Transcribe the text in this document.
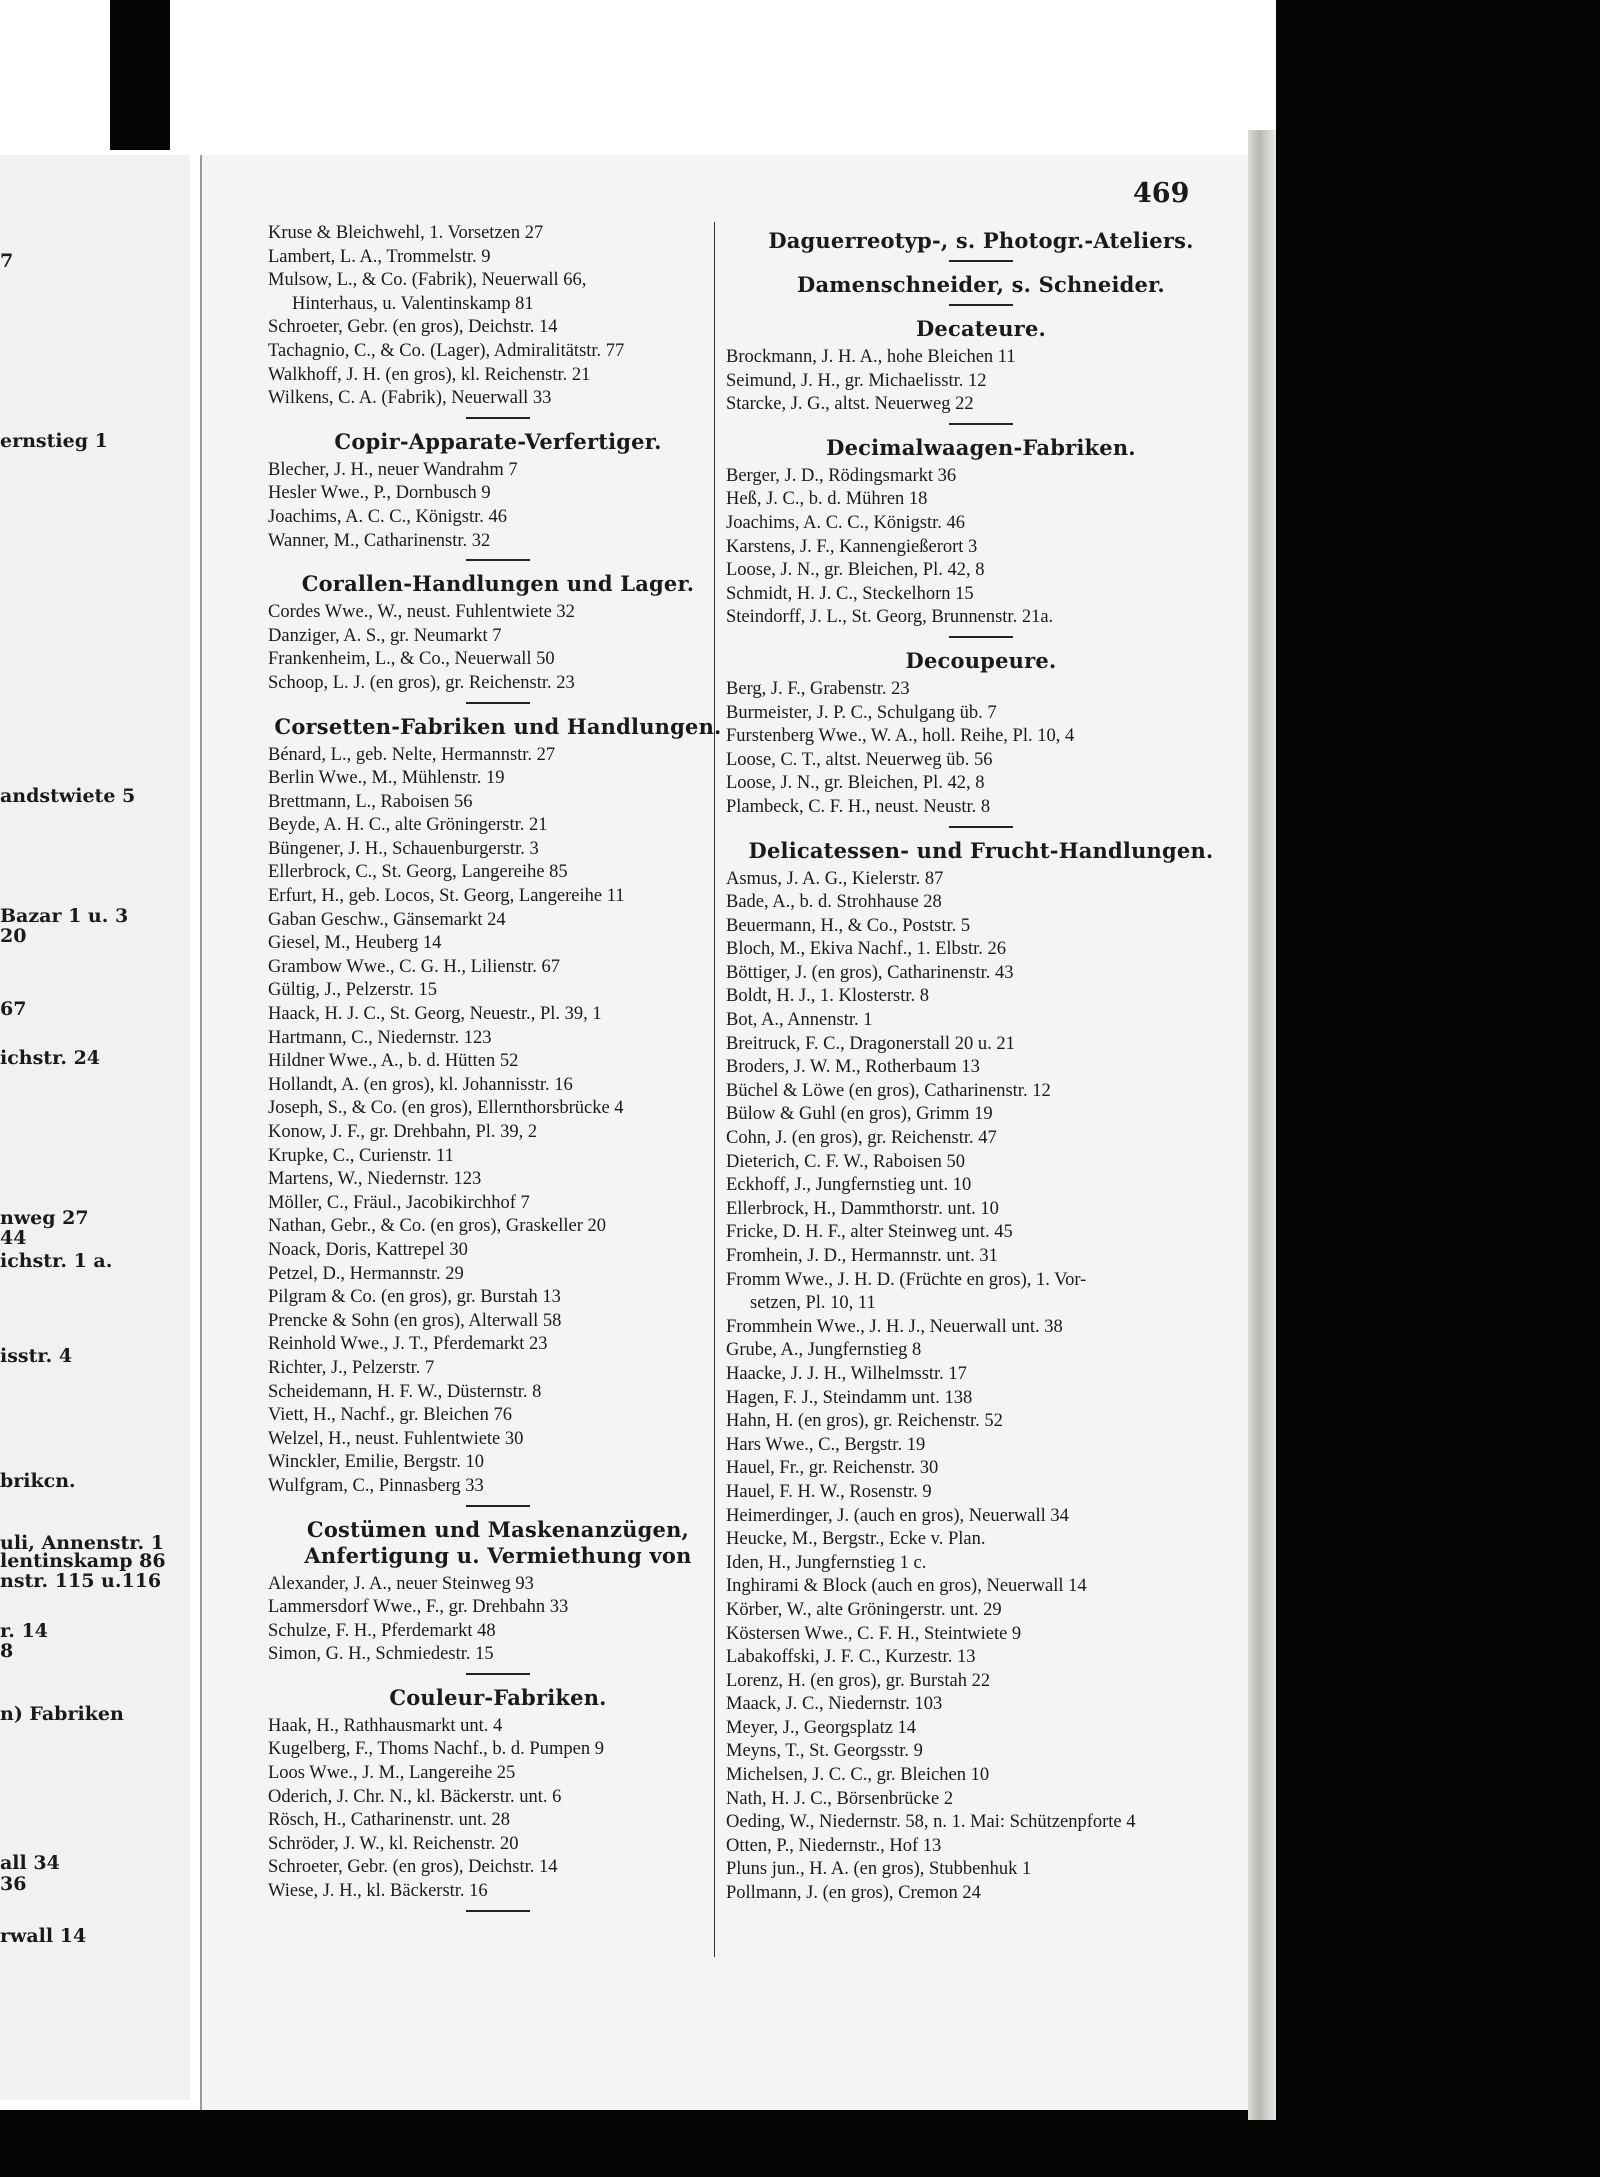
7
ernstieg 1
andstwiete 5
Bazar 1 u. 3
20
67
ichstr. 24
nweg 27
44
ichstr. 1 a.
isstr. 4
brikcn.
uli, Annenstr. 1
lentinskamp 86
nstr. 115 u.116
r. 14
8
n) Fabriken
all 34
36
rwall 14
469
Kruse & Bleichwehl, 1. Vorsetzen 27
Lambert, L. A., Trommelstr. 9
Mulsow, L., & Co. (Fabrik), Neuerwall 66,
Hinterhaus, u. Valentinskamp 81
Schroeter, Gebr. (en gros), Deichstr. 14
Tachagnio, C., & Co. (Lager), Admiralitätstr. 77
Walkhoff, J. H. (en gros), kl. Reichenstr. 21
Wilkens, C. A. (Fabrik), Neuerwall 33
Copir-Apparate-Verfertiger.
Blecher, J. H., neuer Wandrahm 7
Hesler Wwe., P., Dornbusch 9
Joachims, A. C. C., Königstr. 46
Wanner, M., Catharinenstr. 32
Corallen-Handlungen und Lager.
Cordes Wwe., W., neust. Fuhlentwiete 32
Danziger, A. S., gr. Neumarkt 7
Frankenheim, L., & Co., Neuerwall 50
Schoop, L. J. (en gros), gr. Reichenstr. 23
Corsetten-Fabriken und Handlungen.
Bénard, L., geb. Nelte, Hermannstr. 27
Berlin Wwe., M., Mühlenstr. 19
Brettmann, L., Raboisen 56
Beyde, A. H. C., alte Gröningerstr. 21
Büngener, J. H., Schauenburgerstr. 3
Ellerbrock, C., St. Georg, Langereihe 85
Erfurt, H., geb. Locos, St. Georg, Langereihe 11
Gaban Geschw., Gänsemarkt 24
Giesel, M., Heuberg 14
Grambow Wwe., C. G. H., Lilienstr. 67
Gültig, J., Pelzerstr. 15
Haack, H. J. C., St. Georg, Neuestr., Pl. 39, 1
Hartmann, C., Niedernstr. 123
Hildner Wwe., A., b. d. Hütten 52
Hollandt, A. (en gros), kl. Johannisstr. 16
Joseph, S., & Co. (en gros), Ellernthorsbrücke 4
Konow, J. F., gr. Drehbahn, Pl. 39, 2
Krupke, C., Curienstr. 11
Martens, W., Niedernstr. 123
Möller, C., Fräul., Jacobikirchhof 7
Nathan, Gebr., & Co. (en gros), Graskeller 20
Noack, Doris, Kattrepel 30
Petzel, D., Hermannstr. 29
Pilgram & Co. (en gros), gr. Burstah 13
Prencke & Sohn (en gros), Alterwall 58
Reinhold Wwe., J. T., Pferdemarkt 23
Richter, J., Pelzerstr. 7
Scheidemann, H. F. W., Düsternstr. 8
Viett, H., Nachf., gr. Bleichen 76
Welzel, H., neust. Fuhlentwiete 30
Winckler, Emilie, Bergstr. 10
Wulfgram, C., Pinnasberg 33
Costümen und Maskenanzügen, Anfertigung u. Vermiethung von
Alexander, J. A., neuer Steinweg 93
Lammersdorf Wwe., F., gr. Drehbahn 33
Schulze, F. H., Pferdemarkt 48
Simon, G. H., Schmiedestr. 15
Couleur-Fabriken.
Haak, H., Rathhausmarkt unt. 4
Kugelberg, F., Thoms Nachf., b. d. Pumpen 9
Loos Wwe., J. M., Langereihe 25
Oderich, J. Chr. N., kl. Bäckerstr. unt. 6
Rösch, H., Catharinenstr. unt. 28
Schröder, J. W., kl. Reichenstr. 20
Schroeter, Gebr. (en gros), Deichstr. 14
Wiese, J. H., kl. Bäckerstr. 16
Daguerreotyp-, s. Photogr.-Ateliers.
Damenschneider, s. Schneider.
Decateure.
Brockmann, J. H. A., hohe Bleichen 11
Seimund, J. H., gr. Michaelisstr. 12
Starcke, J. G., altst. Neuerweg 22
Decimalwaagen-Fabriken.
Berger, J. D., Rödingsmarkt 36
Heß, J. C., b. d. Mühren 18
Joachims, A. C. C., Königstr. 46
Karstens, J. F., Kannengießerort 3
Loose, J. N., gr. Bleichen, Pl. 42, 8
Schmidt, H. J. C., Steckelhorn 15
Steindorff, J. L., St. Georg, Brunnenstr. 21a.
Decoupeure.
Berg, J. F., Grabenstr. 23
Burmeister, J. P. C., Schulgang üb. 7
Furstenberg Wwe., W. A., holl. Reihe, Pl. 10, 4
Loose, C. T., altst. Neuerweg üb. 56
Loose, J. N., gr. Bleichen, Pl. 42, 8
Plambeck, C. F. H., neust. Neustr. 8
Delicatessen- und Frucht-Handlungen.
Asmus, J. A. G., Kielerstr. 87
Bade, A., b. d. Strohhause 28
Beuermann, H., & Co., Poststr. 5
Bloch, M., Ekiva Nachf., 1. Elbstr. 26
Böttiger, J. (en gros), Catharinenstr. 43
Boldt, H. J., 1. Klosterstr. 8
Bot, A., Annenstr. 1
Breitruck, F. C., Dragonerstall 20 u. 21
Broders, J. W. M., Rotherbaum 13
Büchel & Löwe (en gros), Catharinenstr. 12
Bülow & Guhl (en gros), Grimm 19
Cohn, J. (en gros), gr. Reichenstr. 47
Dieterich, C. F. W., Raboisen 50
Eckhoff, J., Jungfernstieg unt. 10
Ellerbrock, H., Dammthorstr. unt. 10
Fricke, D. H. F., alter Steinweg unt. 45
Fromhein, J. D., Hermannstr. unt. 31
Fromm Wwe., J. H. D. (Früchte en gros), 1. Vor-
setzen, Pl. 10, 11
Frommhein Wwe., J. H. J., Neuerwall unt. 38
Grube, A., Jungfernstieg 8
Haacke, J. J. H., Wilhelmsstr. 17
Hagen, F. J., Steindamm unt. 138
Hahn, H. (en gros), gr. Reichenstr. 52
Hars Wwe., C., Bergstr. 19
Hauel, Fr., gr. Reichenstr. 30
Hauel, F. H. W., Rosenstr. 9
Heimerdinger, J. (auch en gros), Neuerwall 34
Heucke, M., Bergstr., Ecke v. Plan.
Iden, H., Jungfernstieg 1 c.
Inghirami & Block (auch en gros), Neuerwall 14
Körber, W., alte Gröningerstr. unt. 29
Köstersen Wwe., C. F. H., Steintwiete 9
Labakoffski, J. F. C., Kurzestr. 13
Lorenz, H. (en gros), gr. Burstah 22
Maack, J. C., Niedernstr. 103
Meyer, J., Georgsplatz 14
Meyns, T., St. Georgsstr. 9
Michelsen, J. C. C., gr. Bleichen 10
Nath, H. J. C., Börsenbrücke 2
Oeding, W., Niedernstr. 58, n. 1. Mai: Schützenpforte 4
Otten, P., Niedernstr., Hof 13
Pluns jun., H. A. (en gros), Stubbenhuk 1
Pollmann, J. (en gros), Cremon 24
